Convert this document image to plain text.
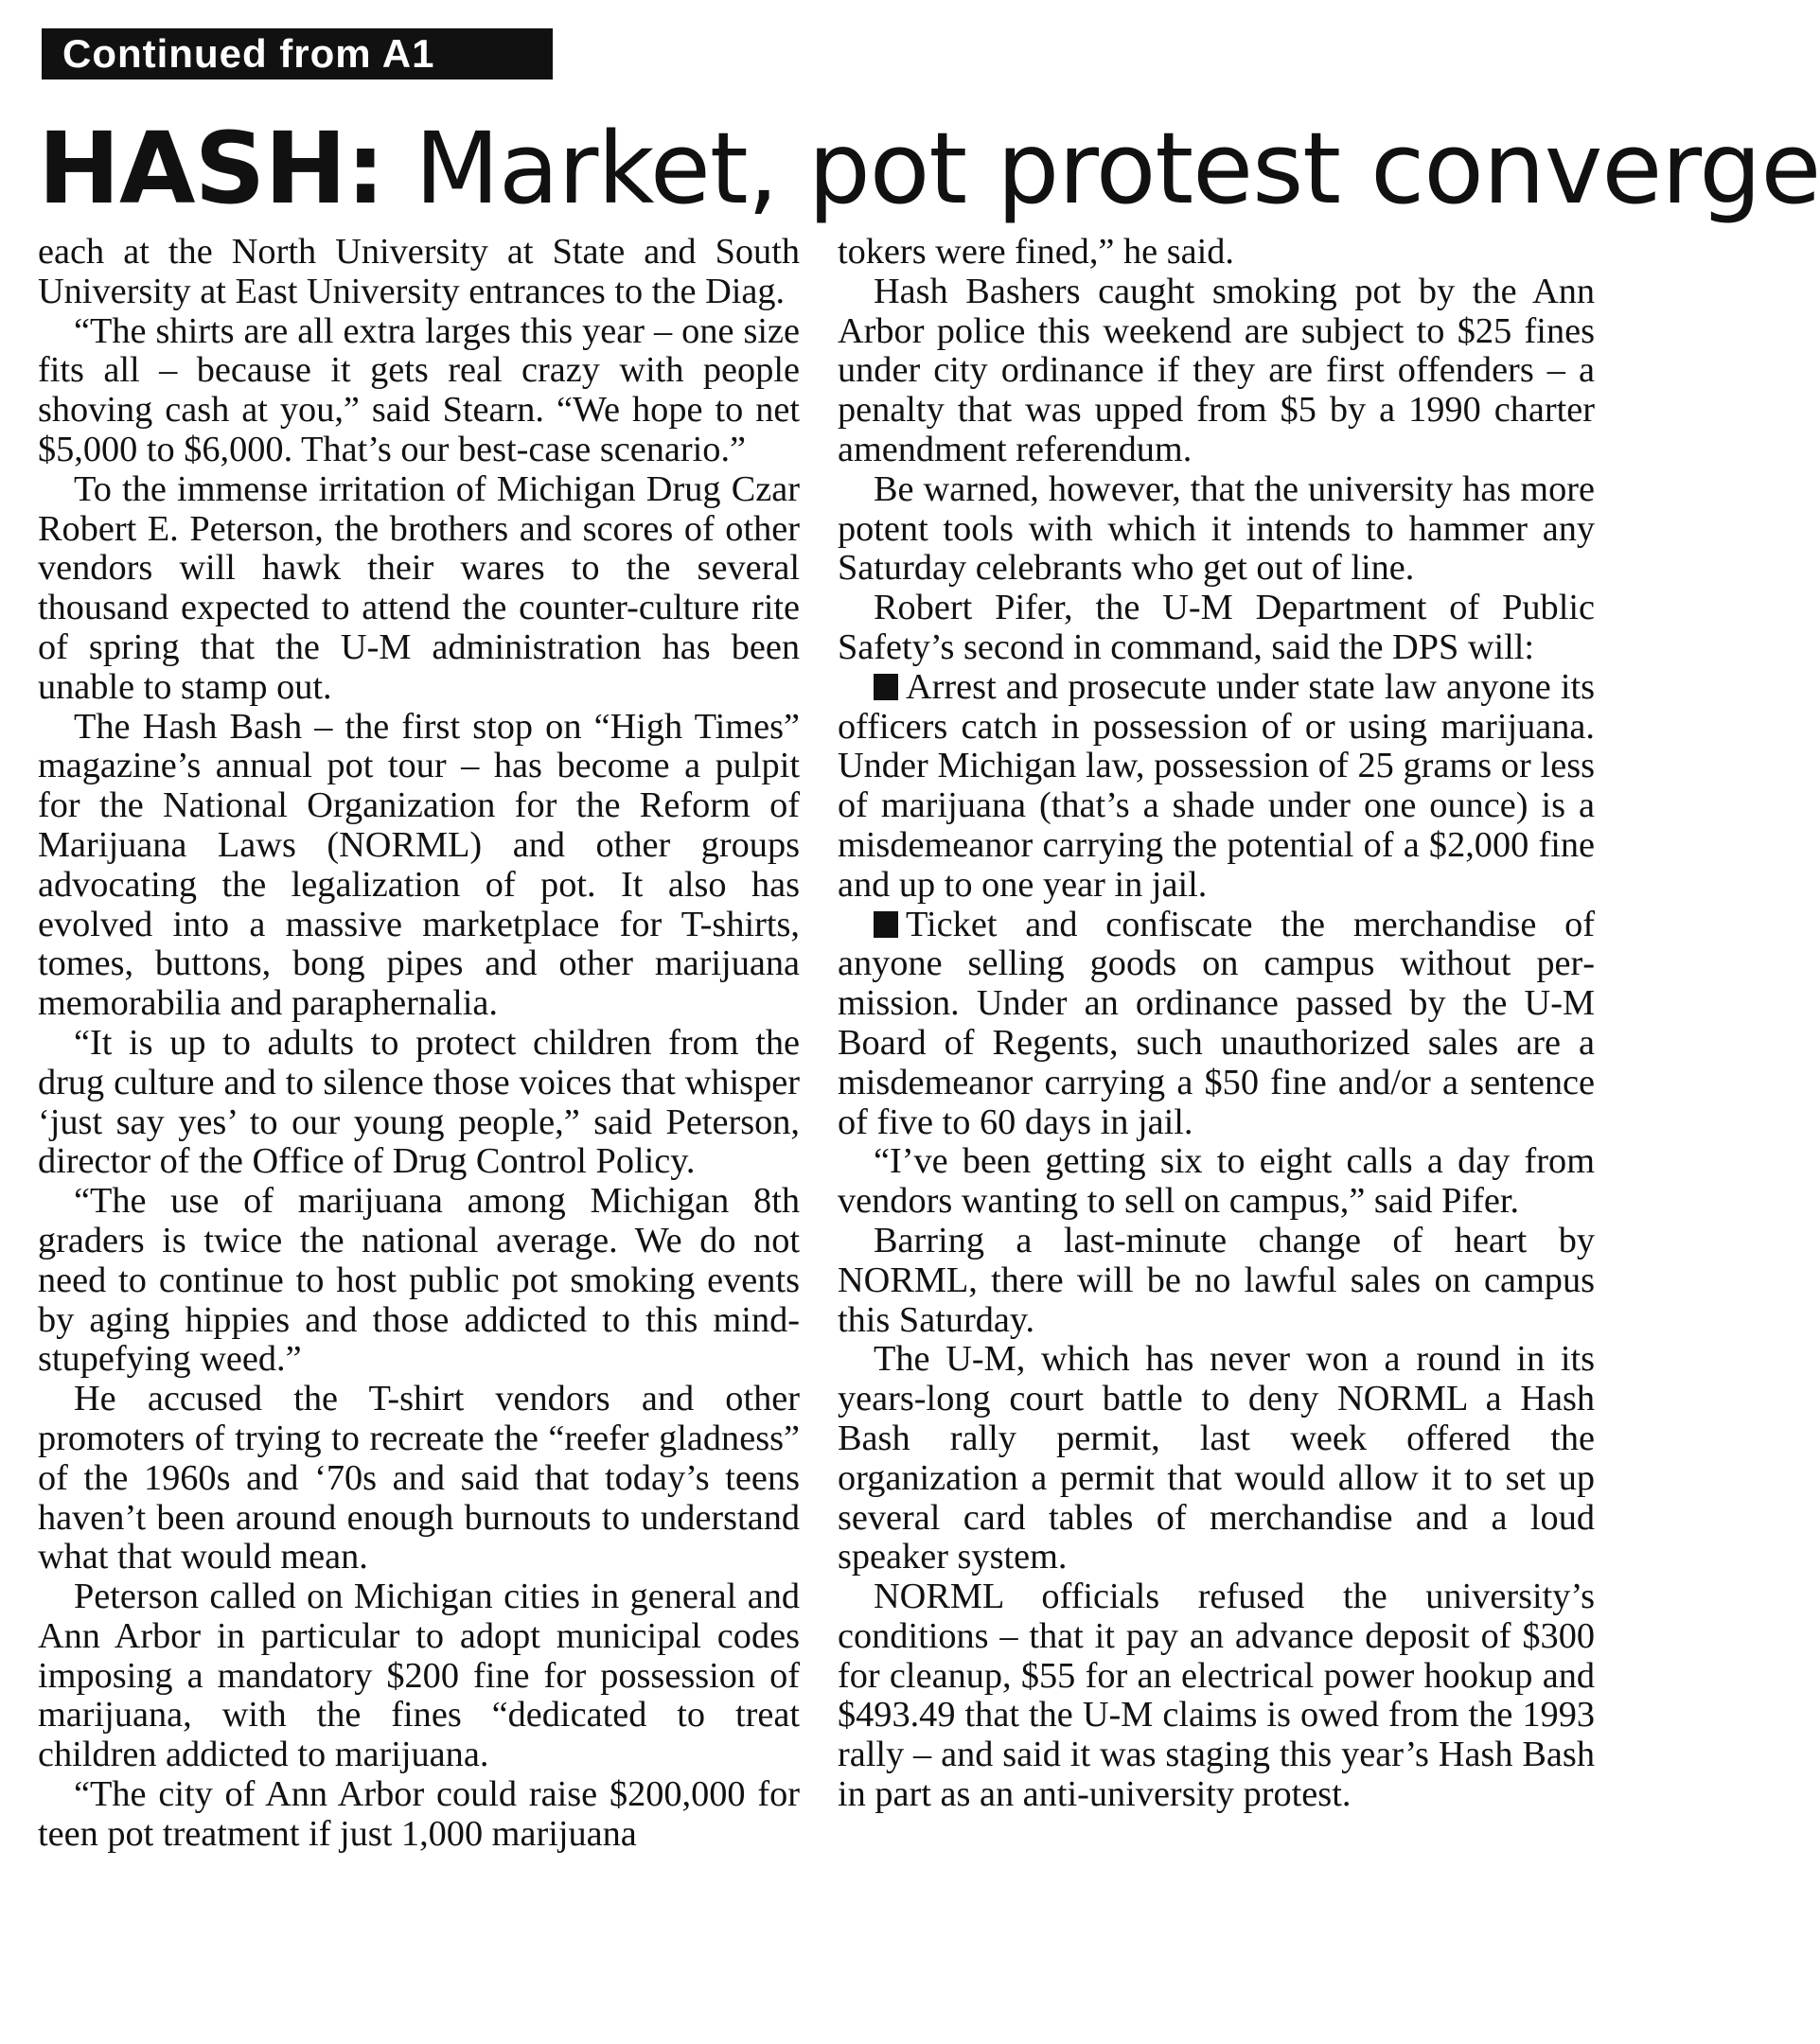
Continued from A1
HASH: Market, pot protest converge

each at the North University at State and South University at East University entrances to the Diag.

“The shirts are all extra larges this year – one size fits all – because it gets real crazy with people shoving cash at you,” said Stearn. “We hope to net $5,000 to $6,000. That’s our best-case scenario.”

To the immense irritation of Michigan Drug Czar Robert E. Peterson, the brothers and scores of other vendors will hawk their wares to the several thousand expected to attend the counter-culture rite of spring that the U-M administration has been unable to stamp out.

The Hash Bash – the first stop on “High Times” magazine’s annual pot tour – has become a pulpit for the National Organization for the Reform of Marijuana Laws (NORML) and other groups advocating the legalization of pot. It also has evolved into a massive marketplace for T-shirts, tomes, buttons, bong pipes and other marijuana memorabilia and paraphernalia.

“It is up to adults to protect children from the drug culture and to silence those voices that whisper ‘just say yes’ to our young people,” said Peterson, director of the Office of Drug Control Policy.

“The use of marijuana among Michigan 8th graders is twice the national average. We do not need to continue to host public pot smoking events by aging hippies and those addicted to this mind-stupefying weed.”

He accused the T-shirt vendors and other promoters of trying to recreate the “reefer gladness” of the 1960s and ‘70s and said that today’s teens haven’t been around enough burnouts to understand what that would mean.

Peterson called on Michigan cities in general and Ann Arbor in particular to adopt municipal codes imposing a mandatory $200 fine for possession of marijuana, with the fines “dedicated to treat children addicted to marijuana.

“The city of Ann Arbor could raise $200,000 for teen pot treatment if just 1,000 marijuana

tokers were fined,” he said.

Hash Bashers caught smoking pot by the Ann Arbor police this weekend are subject to $25 fines under city ordinance if they are first offenders – a penalty that was upped from $5 by a 1990 charter amendment referendum.

Be warned, however, that the university has more potent tools with which it intends to hammer any Saturday celebrants who get out of line.

Robert Pifer, the U-M Department of Public Safety’s second in command, said the DPS will:

Arrest and prosecute under state law anyone its officers catch in possession of or using marijuana. Under Michigan law, possession of 25 grams or less of marijuana (that’s a shade under one ounce) is a misdemeanor carrying the potential of a $2,000 fine and up to one year in jail.

Ticket and confiscate the merchandise of anyone selling goods on campus without permission. Under an ordinance passed by the U-M Board of Regents, such unauthorized sales are a misdemeanor carrying a $50 fine and/or a sentence of five to 60 days in jail.

“I’ve been getting six to eight calls a day from vendors wanting to sell on campus,” said Pifer.

Barring a last-minute change of heart by NORML, there will be no lawful sales on campus this Saturday.

The U-M, which has never won a round in its years-long court battle to deny NORML a Hash Bash rally permit, last week offered the organization a permit that would allow it to set up several card tables of merchandise and a loud speaker system.

NORML officials refused the university’s conditions – that it pay an advance deposit of $300 for cleanup, $55 for an electrical power hookup and $493.49 that the U-M claims is owed from the 1993 rally – and said it was staging this year’s Hash Bash in part as an anti-university protest.
